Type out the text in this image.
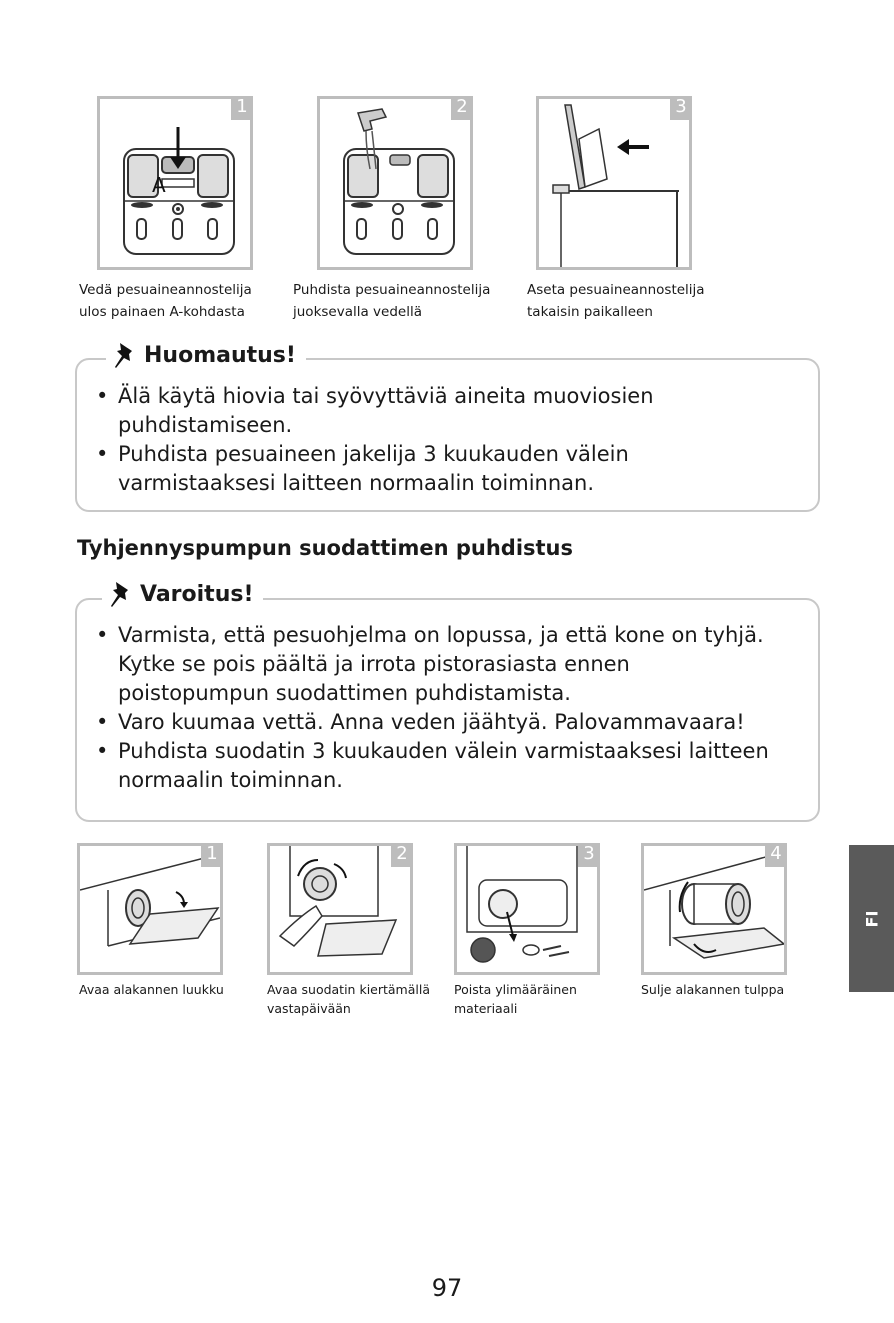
A
1	2	3
Vedä pesuaineannostelija
ulos painaen A-kohdasta
Puhdista pesuaineannostelija
juoksevalla vedellä
Aseta pesuaineannostelija
takaisin paikalleen
Huomautus!
• Älä käytä hiovia tai syövyttäviä aineita muoviosien
puhdistamiseen.
• Puhdista pesuaineen jakelija 3 kuukauden välein
varmistaaksesi laitteen normaalin toiminnan.
Tyhjennyspumpun suodattimen puhdistus
Varoitus!
• Varmista, että pesuohjelma on lopussa, ja että kone on tyhjä.
Kytke se pois päältä ja irrota pistorasiasta ennen
poistopumpun suodattimen puhdistamista.
• Varo kuumaa vettä. Anna veden jäähtyä. Palovammavaara!
• Puhdista suodatin 3 kuukauden välein varmistaaksesi laitteen
normaalin toiminnan.
1	2	3	4
Avaa alakannen luukku	Avaa suodatin kiertämällä
vastapäivään
Poista ylimääräinen
materiaali
Sulje alakannen tulppa
FI
97
